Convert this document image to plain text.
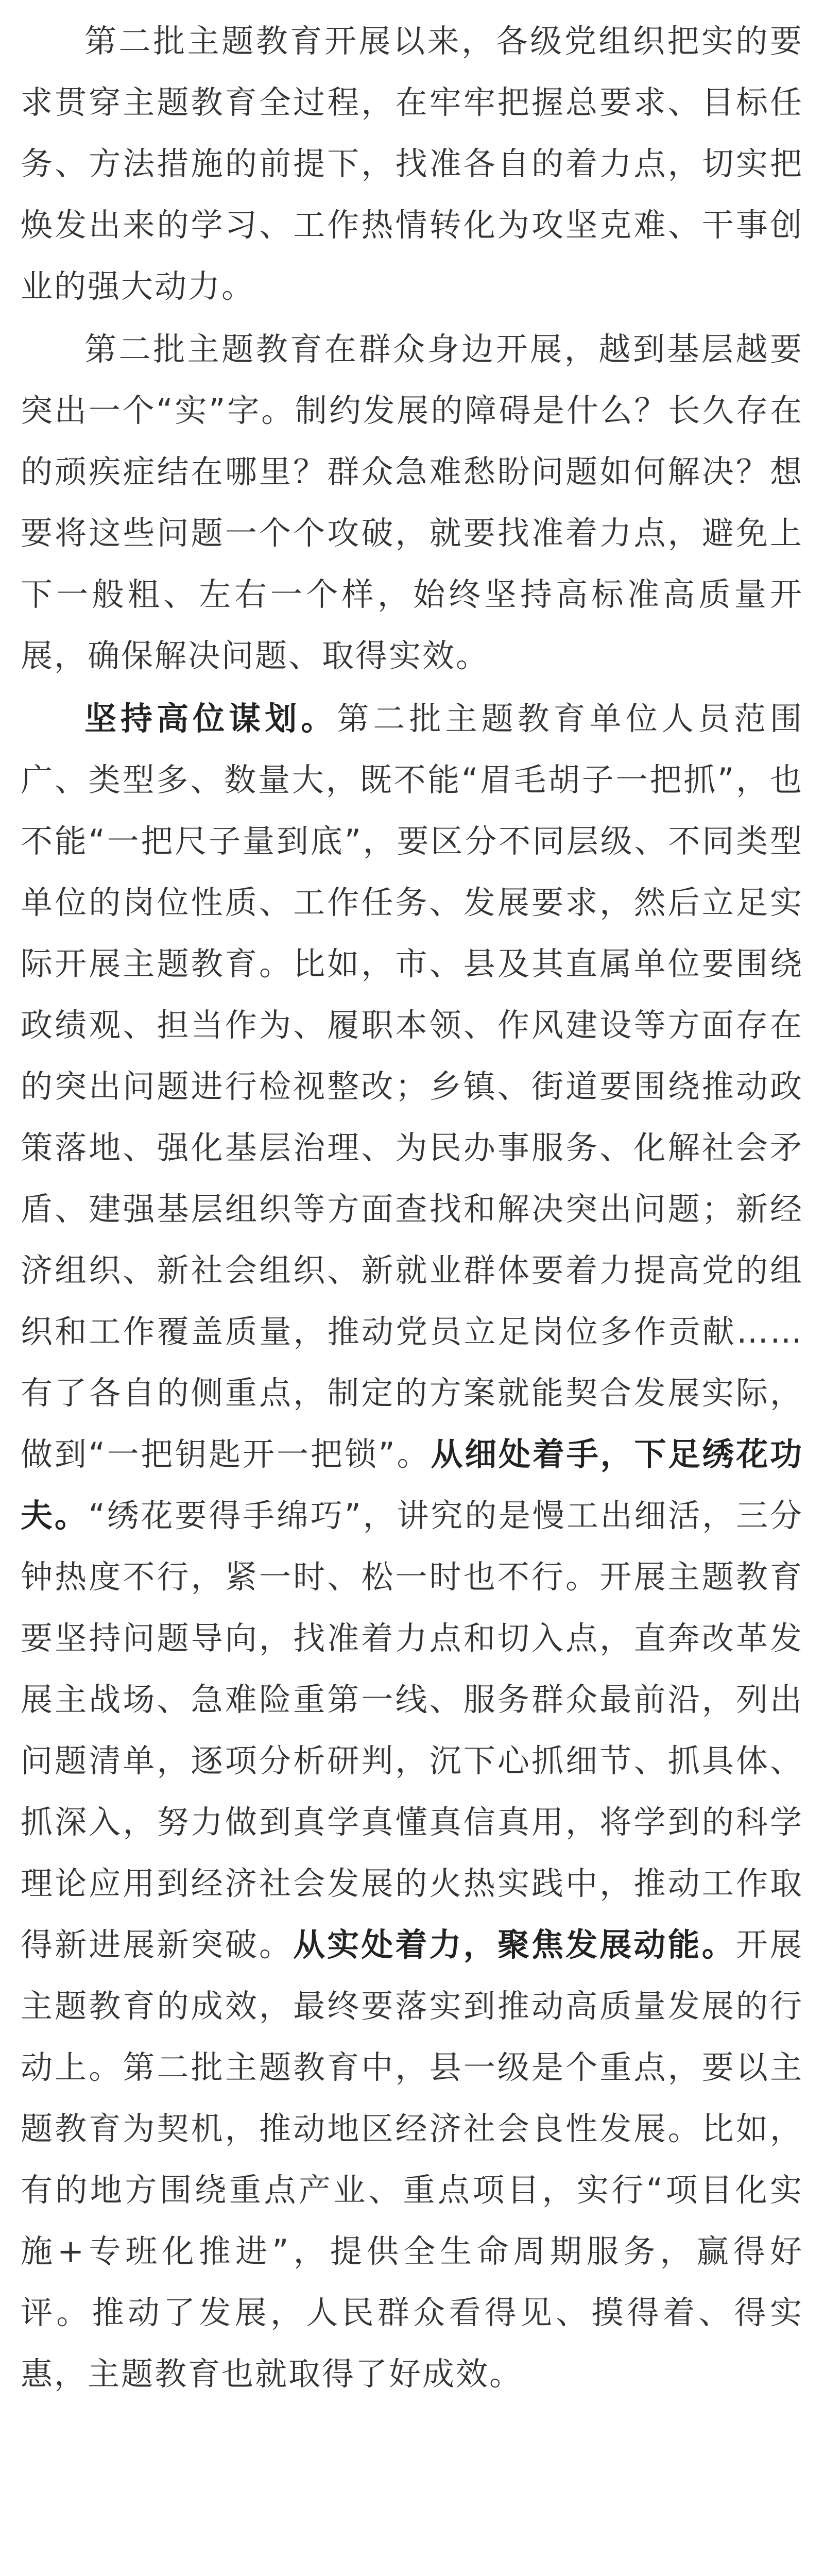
第二批主题教育开展以来，各级党组织把实的要求贯穿主题教育全过程，在牢牢把握总要求、目标任务、方法措施的前提下，找准各自的着力点，切实把焕发出来的学习、工作热情转化为攻坚克难、干事创业的强大动力。

第二批主题教育在群众身边开展，越到基层越要突出一个“实”字。制约发展的障碍是什么？长久存在的顽疾症结在哪里？群众急难愁盼问题如何解决？想要将这些问题一个个攻破，就要找准着力点，避免上下一般粗、左右一个样，始终坚持高标准高质量开展，确保解决问题、取得实效。

坚持高位谋划。第二批主题教育单位人员范围广、类型多、数量大，既不能“眉毛胡子一把抓”，也不能“一把尺子量到底”，要区分不同层级、不同类型单位的岗位性质、工作任务、发展要求，然后立足实际开展主题教育。比如，市、县及其直属单位要围绕政绩观、担当作为、履职本领、作风建设等方面存在的突出问题进行检视整改；乡镇、街道要围绕推动政策落地、强化基层治理、为民办事服务、化解社会矛盾、建强基层组织等方面查找和解决突出问题；新经济组织、新社会组织、新就业群体要着力提高党的组织和工作覆盖质量，推动党员立足岗位多作贡献……有了各自的侧重点，制定的方案就能契合发展实际，做到“一把钥匙开一把锁”。从细处着手，下足绣花功夫。“绣花要得手绵巧”，讲究的是慢工出细活，三分钟热度不行，紧一时、松一时也不行。开展主题教育要坚持问题导向，找准着力点和切入点，直奔改革发展主战场、急难险重第一线、服务群众最前沿，列出问题清单，逐项分析研判，沉下心抓细节、抓具体、抓深入，努力做到真学真懂真信真用，将学到的科学理论应用到经济社会发展的火热实践中，推动工作取得新进展新突破。从实处着力，聚焦发展动能。开展主题教育的成效，最终要落实到推动高质量发展的行动上。第二批主题教育中，县一级是个重点，要以主题教育为契机，推动地区经济社会良性发展。比如，有的地方围绕重点产业、重点项目，实行“项目化实施+专班化推进”，提供全生命周期服务，赢得好评。推动了发展，人民群众看得见、摸得着、得实惠，主题教育也就取得了好成效。
